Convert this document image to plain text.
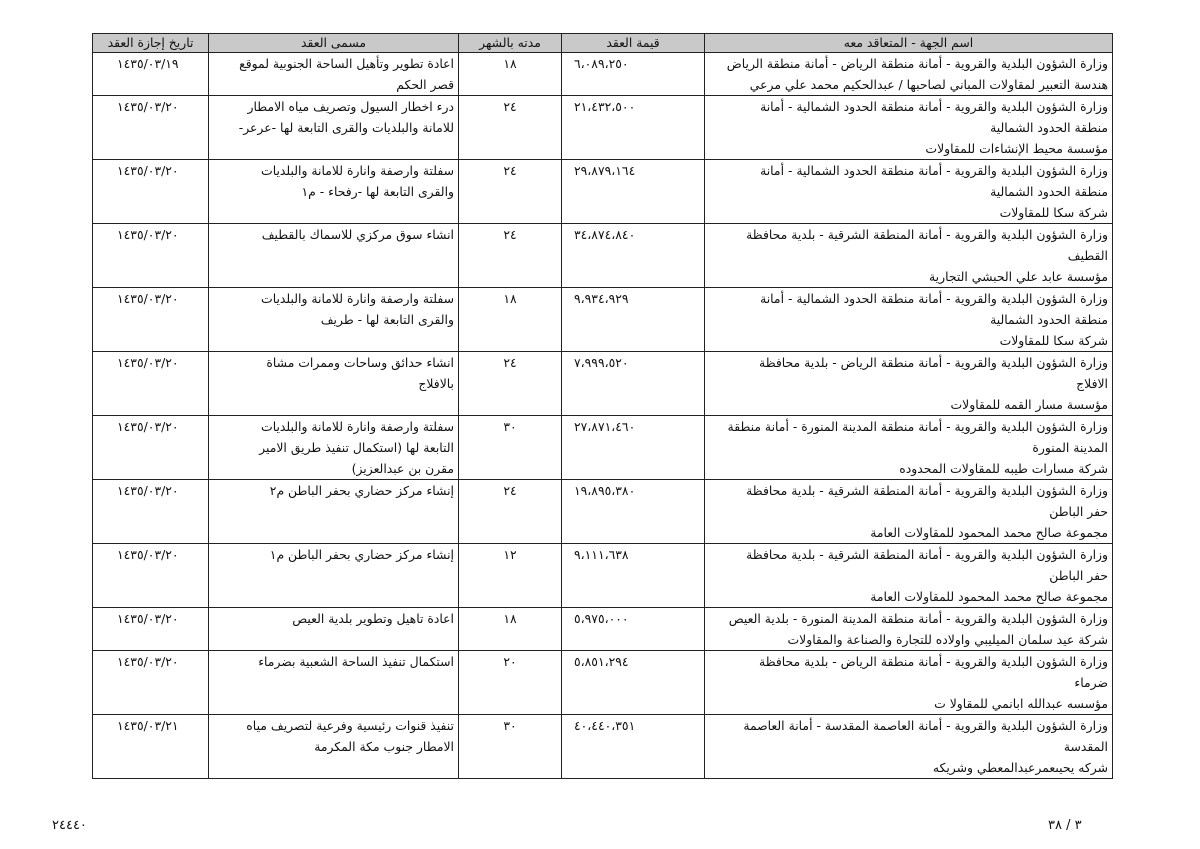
اسم الجهة - المتعاقد معه	قيمة العقد	مدته بالشهر	مسمى العقد	تاريخ إجازة العقد

وزارة الشؤون البلدية والقروية - أمانة منطقة الرياض - أمانة منطقة الرياض
هندسة التعبير لمقاولات المباني لصاحبها / عبدالحكيم محمد علي مرعي	٦،٠٨٩،٢٥٠	١٨	اعادة تطوير وتأهيل الساحة الجنوبية لموقع
قصر الحكم	١٤٣٥/٠٣/١٩

وزارة الشؤون البلدية والقروية - أمانة منطقة الحدود الشمالية - أمانة
منطقة الحدود الشمالية
مؤسسة محيط الإنشاءات للمقاولات	٢١،٤٣٢،٥٠٠	٢٤	درء اخطار السيول وتصريف مياه الامطار
للامانة والبلديات والقرى التابعة لها -عرعر-	١٤٣٥/٠٣/٢٠

وزارة الشؤون البلدية والقروية - أمانة منطقة الحدود الشمالية - أمانة
منطقة الحدود الشمالية
شركة سكا للمقاولات	٢٩،٨٧٩،١٦٤	٢٤	سفلتة وارصفة وانارة للامانة والبلديات
والقرى التابعة لها -رفحاء - م١	١٤٣٥/٠٣/٢٠

وزارة الشؤون البلدية والقروية - أمانة المنطقة الشرقية - بلدية محافظة
القطيف
مؤسسة عابد علي الحبشي التجارية	٣٤،٨٧٤،٨٤٠	٢٤	انشاء سوق مركزي للاسماك بالقطيف	١٤٣٥/٠٣/٢٠

وزارة الشؤون البلدية والقروية - أمانة منطقة الحدود الشمالية - أمانة
منطقة الحدود الشمالية
شركة سكا للمقاولات	٩،٩٣٤،٩٢٩	١٨	سفلتة وارصفة وانارة للامانة والبلديات
والقرى التابعة لها - طريف	١٤٣٥/٠٣/٢٠

وزارة الشؤون البلدية والقروية - أمانة منطقة الرياض - بلدية محافظة
الافلاج
مؤسسة مسار القمه للمقاولات	٧،٩٩٩،٥٢٠	٢٤	انشاء حدائق وساحات وممرات مشاة
بالافلاج	١٤٣٥/٠٣/٢٠

وزارة الشؤون البلدية والقروية - أمانة منطقة المدينة المنورة - أمانة منطقة
المدينة المنورة
شركة مسارات طيبه للمقاولات المحدوده	٢٧،٨٧١،٤٦٠	٣٠	سفلتة وارصفة وانارة للامانة والبلديات
التابعة لها (استكمال تنفيذ طريق الامير
مقرن بن عبدالعزيز)	١٤٣٥/٠٣/٢٠

وزارة الشؤون البلدية والقروية - أمانة المنطقة الشرقية - بلدية محافظة
حفر الباطن
مجموعة صالح محمد المحمود للمقاولات العامة	١٩،٨٩٥،٣٨٠	٢٤	إنشاء مركز حضاري بحفر الباطن م٢	١٤٣٥/٠٣/٢٠

وزارة الشؤون البلدية والقروية - أمانة المنطقة الشرقية - بلدية محافظة
حفر الباطن
مجموعة صالح محمد المحمود للمقاولات العامة	٩،١١١،٦٣٨	١٢	إنشاء مركز حضاري بحفر الباطن م١	١٤٣٥/٠٣/٢٠

وزارة الشؤون البلدية والقروية - أمانة منطقة المدينة المنورة - بلدية العيص
شركة عيد سلمان الميليبي واولاده للتجارة والصناعة والمقاولات	٥،٩٧٥،٠٠٠	١٨	اعادة تاهيل وتطوير بلدية العيص	١٤٣٥/٠٣/٢٠

وزارة الشؤون البلدية والقروية - أمانة منطقة الرياض - بلدية محافظة
ضرماء
مؤسسه عبدالله ابانمي للمقاولا ت	٥،٨٥١،٢٩٤	٢٠	استكمال تنفيذ الساحة الشعبية بضرماء	١٤٣٥/٠٣/٢٠

وزارة الشؤون البلدية والقروية - أمانة العاصمة المقدسة - أمانة العاصمة
المقدسة
شركه يحيىعمرعبدالمعطي وشريكه	٤٠،٤٤٠،٣٥١	٣٠	تنفيذ قنوات رئيسية وفرعية لتصريف مياه
الامطار جنوب مكة المكرمة	١٤٣٥/٠٣/٢١
٢٤٤٤٠	٣ / ٣٨
